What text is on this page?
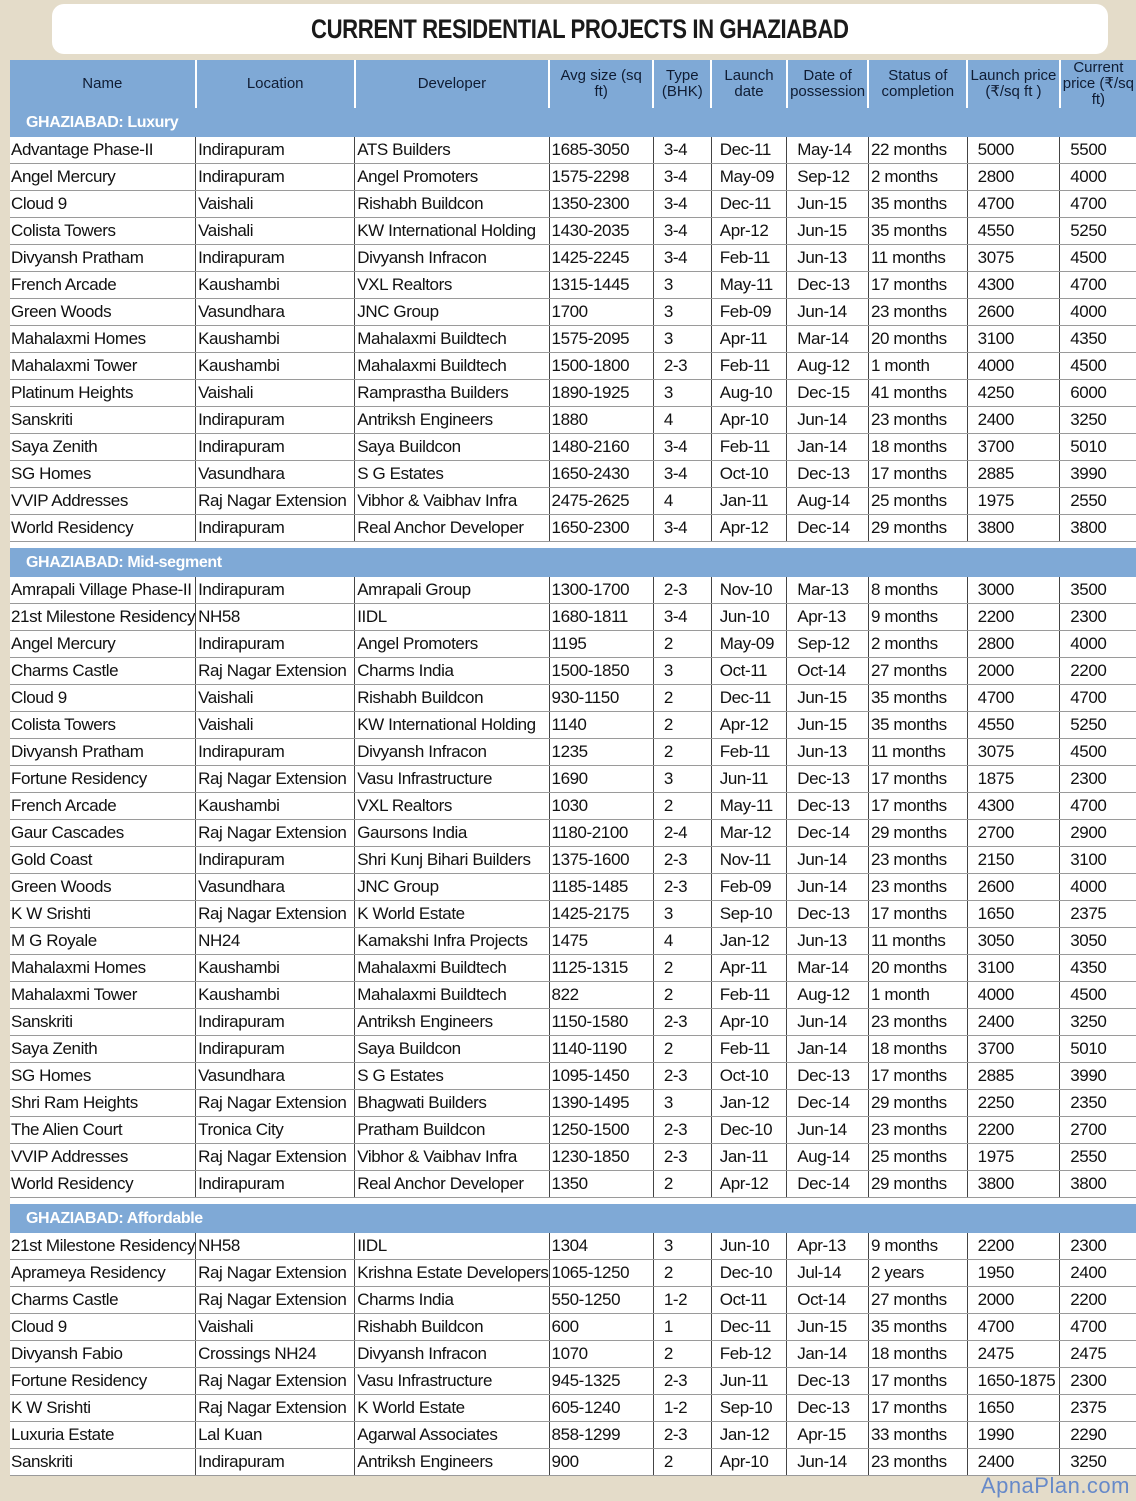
CURRENT RESIDENTIAL PROJECTS IN GHAZIABAD
Name	Location	Developer	Avg size (sq ft)	Type (BHK)	Launch date	Date of possession	Status of completion	Launch price (₹/sq ft )	Current price (₹/sq ft)
GHAZIABAD: Luxury									
Advantage Phase-II	Indirapuram	ATS Builders	1685-3050	3-4	Dec-11	May-14	22 months	5000	5500
Angel Mercury	Indirapuram	Angel Promoters	1575-2298	3-4	May-09	Sep-12	2 months	2800	4000
Cloud 9	Vaishali	Rishabh Buildcon	1350-2300	3-4	Dec-11	Jun-15	35 months	4700	4700
Colista Towers	Vaishali	KW International Holding	1430-2035	3-4	Apr-12	Jun-15	35 months	4550	5250
Divyansh Pratham	Indirapuram	Divyansh Infracon	1425-2245	3-4	Feb-11	Jun-13	11 months	3075	4500
French Arcade	Kaushambi	VXL Realtors	1315-1445	3	May-11	Dec-13	17 months	4300	4700
Green Woods	Vasundhara	JNC Group	1700	3	Feb-09	Jun-14	23 months	2600	4000
Mahalaxmi Homes	Kaushambi	Mahalaxmi Buildtech	1575-2095	3	Apr-11	Mar-14	20 months	3100	4350
Mahalaxmi Tower	Kaushambi	Mahalaxmi Buildtech	1500-1800	2-3	Feb-11	Aug-12	1 month	4000	4500
Platinum Heights	Vaishali	Ramprastha Builders	1890-1925	3	Aug-10	Dec-15	41 months	4250	6000
Sanskriti	Indirapuram	Antriksh Engineers	1880	4	Apr-10	Jun-14	23 months	2400	3250
Saya Zenith	Indirapuram	Saya Buildcon	1480-2160	3-4	Feb-11	Jan-14	18 months	3700	5010
SG Homes	Vasundhara	S G Estates	1650-2430	3-4	Oct-10	Dec-13	17 months	2885	3990
VVIP Addresses	Raj Nagar Extension	Vibhor & Vaibhav Infra	2475-2625	4	Jan-11	Aug-14	25 months	1975	2550
World Residency	Indirapuram	Real Anchor Developer	1650-2300	3-4	Apr-12	Dec-14	29 months	3800	3800

GHAZIABAD: Mid-segment									
Amrapali Village Phase-II	Indirapuram	Amrapali Group	1300-1700	2-3	Nov-10	Mar-13	8 months	3000	3500
21st Milestone Residency	NH58	IIDL	1680-1811	3-4	Jun-10	Apr-13	9 months	2200	2300
Angel Mercury	Indirapuram	Angel Promoters	1195	2	May-09	Sep-12	2 months	2800	4000
Charms Castle	Raj Nagar Extension	Charms India	1500-1850	3	Oct-11	Oct-14	27 months	2000	2200
Cloud 9	Vaishali	Rishabh Buildcon	930-1150	2	Dec-11	Jun-15	35 months	4700	4700
Colista Towers	Vaishali	KW International Holding	1140	2	Apr-12	Jun-15	35 months	4550	5250
Divyansh Pratham	Indirapuram	Divyansh Infracon	1235	2	Feb-11	Jun-13	11 months	3075	4500
Fortune Residency	Raj Nagar Extension	Vasu Infrastructure	1690	3	Jun-11	Dec-13	17 months	1875	2300
French Arcade	Kaushambi	VXL Realtors	1030	2	May-11	Dec-13	17 months	4300	4700
Gaur Cascades	Raj Nagar Extension	Gaursons India	1180-2100	2-4	Mar-12	Dec-14	29 months	2700	2900
Gold Coast	Indirapuram	Shri Kunj Bihari Builders	1375-1600	2-3	Nov-11	Jun-14	23 months	2150	3100
Green Woods	Vasundhara	JNC Group	1185-1485	2-3	Feb-09	Jun-14	23 months	2600	4000
K W Srishti	Raj Nagar Extension	K World Estate	1425-2175	3	Sep-10	Dec-13	17 months	1650	2375
M G Royale	NH24	Kamakshi Infra Projects	1475	4	Jan-12	Jun-13	11 months	3050	3050
Mahalaxmi Homes	Kaushambi	Mahalaxmi Buildtech	1125-1315	2	Apr-11	Mar-14	20 months	3100	4350
Mahalaxmi Tower	Kaushambi	Mahalaxmi Buildtech	822	2	Feb-11	Aug-12	1 month	4000	4500
Sanskriti	Indirapuram	Antriksh Engineers	1150-1580	2-3	Apr-10	Jun-14	23 months	2400	3250
Saya Zenith	Indirapuram	Saya Buildcon	1140-1190	2	Feb-11	Jan-14	18 months	3700	5010
SG Homes	Vasundhara	S G Estates	1095-1450	2-3	Oct-10	Dec-13	17 months	2885	3990
Shri Ram Heights	Raj Nagar Extension	Bhagwati Builders	1390-1495	3	Jan-12	Dec-14	29 months	2250	2350
The Alien Court	Tronica City	Pratham Buildcon	1250-1500	2-3	Dec-10	Jun-14	23 months	2200	2700
VVIP Addresses	Raj Nagar Extension	Vibhor & Vaibhav Infra	1230-1850	2-3	Jan-11	Aug-14	25 months	1975	2550
World Residency	Indirapuram	Real Anchor Developer	1350	2	Apr-12	Dec-14	29 months	3800	3800

GHAZIABAD: Affordable									
21st Milestone Residency	NH58	IIDL	1304	3	Jun-10	Apr-13	9 months	2200	2300
Aprameya Residency	Raj Nagar Extension	Krishna Estate Developers	1065-1250	2	Dec-10	Jul-14	2 years	1950	2400
Charms Castle	Raj Nagar Extension	Charms India	550-1250	1-2	Oct-11	Oct-14	27 months	2000	2200
Cloud 9	Vaishali	Rishabh Buildcon	600	1	Dec-11	Jun-15	35 months	4700	4700
Divyansh Fabio	Crossings NH24	Divyansh Infracon	1070	2	Feb-12	Jan-14	18 months	2475	2475
Fortune Residency	Raj Nagar Extension	Vasu Infrastructure	945-1325	2-3	Jun-11	Dec-13	17 months	1650-1875	2300
K W Srishti	Raj Nagar Extension	K World Estate	605-1240	1-2	Sep-10	Dec-13	17 months	1650	2375
Luxuria Estate	Lal Kuan	Agarwal Associates	858-1299	2-3	Jan-12	Apr-15	33 months	1990	2290
Sanskriti	Indirapuram	Antriksh Engineers	900	2	Apr-10	Jun-14	23 months	2400	3250
ApnaPlan.com
